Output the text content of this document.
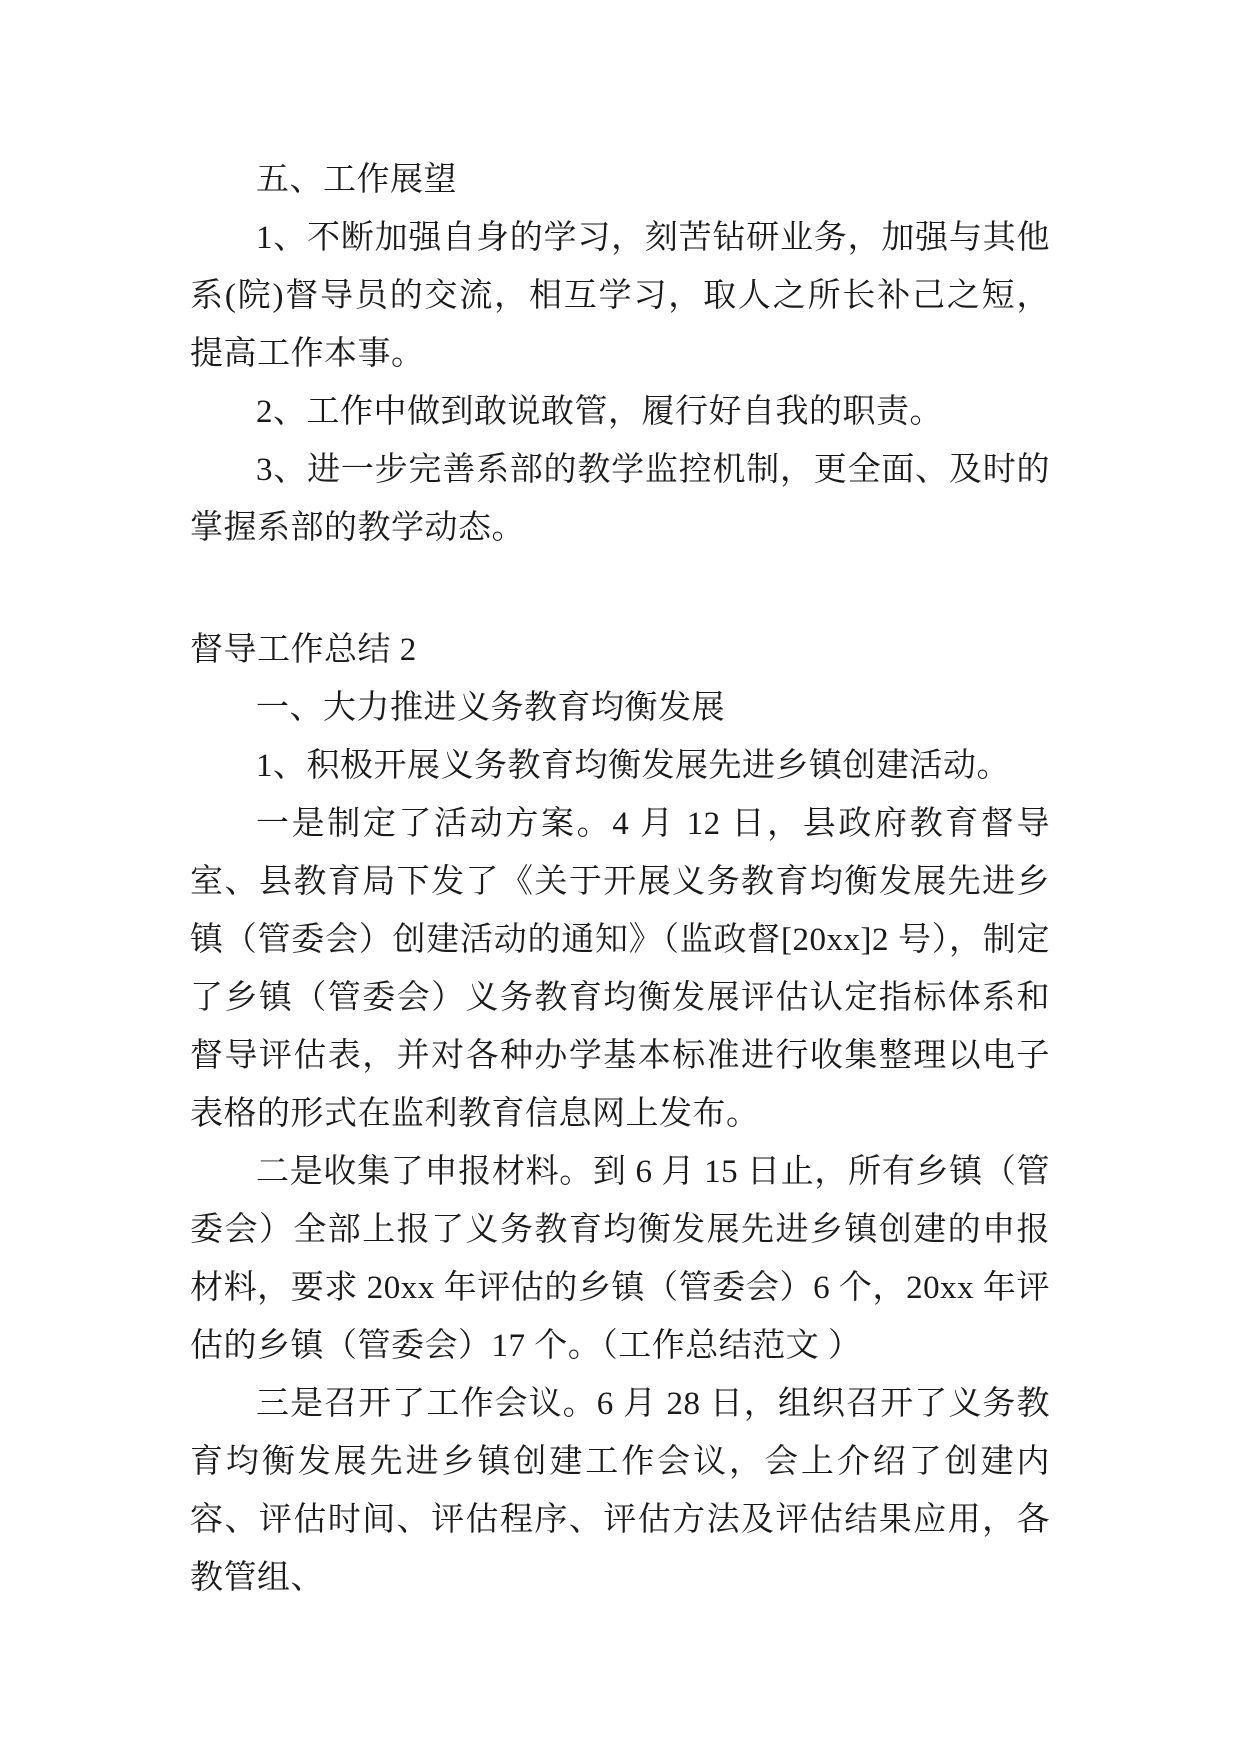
五、工作展望

1、不断加强自身的学习，刻苦钻研业务，加强与其他系(院)督导员的交流，相互学习，取人之所长补己之短，提高工作本事。

2、工作中做到敢说敢管，履行好自我的职责。

3、进一步完善系部的教学监控机制，更全面、及时的掌握系部的教学动态。

督导工作总结 2

一、大力推进义务教育均衡发展

1、积极开展义务教育均衡发展先进乡镇创建活动。

一是制定了活动方案。4 月 12 日，县政府教育督导室、县教育局下发了《关于开展义务教育均衡发展先进乡镇（管委会）创建活动的通知》（监政督[20xx]2 号），制定了乡镇（管委会）义务教育均衡发展评估认定指标体系和督导评估表，并对各种办学基本标准进行收集整理以电子表格的形式在监利教育信息网上发布。

二是收集了申报材料。到 6 月 15 日止，所有乡镇（管委会）全部上报了义务教育均衡发展先进乡镇创建的申报材料，要求 20xx 年评估的乡镇（管委会）6 个，20xx 年评估的乡镇（管委会）17 个。（工作总结范文 ）

三是召开了工作会议。6 月 28 日，组织召开了义务教育均衡发展先进乡镇创建工作会议，会上介绍了创建内容、评估时间、评估程序、评估方法及评估结果应用，各教管组、
